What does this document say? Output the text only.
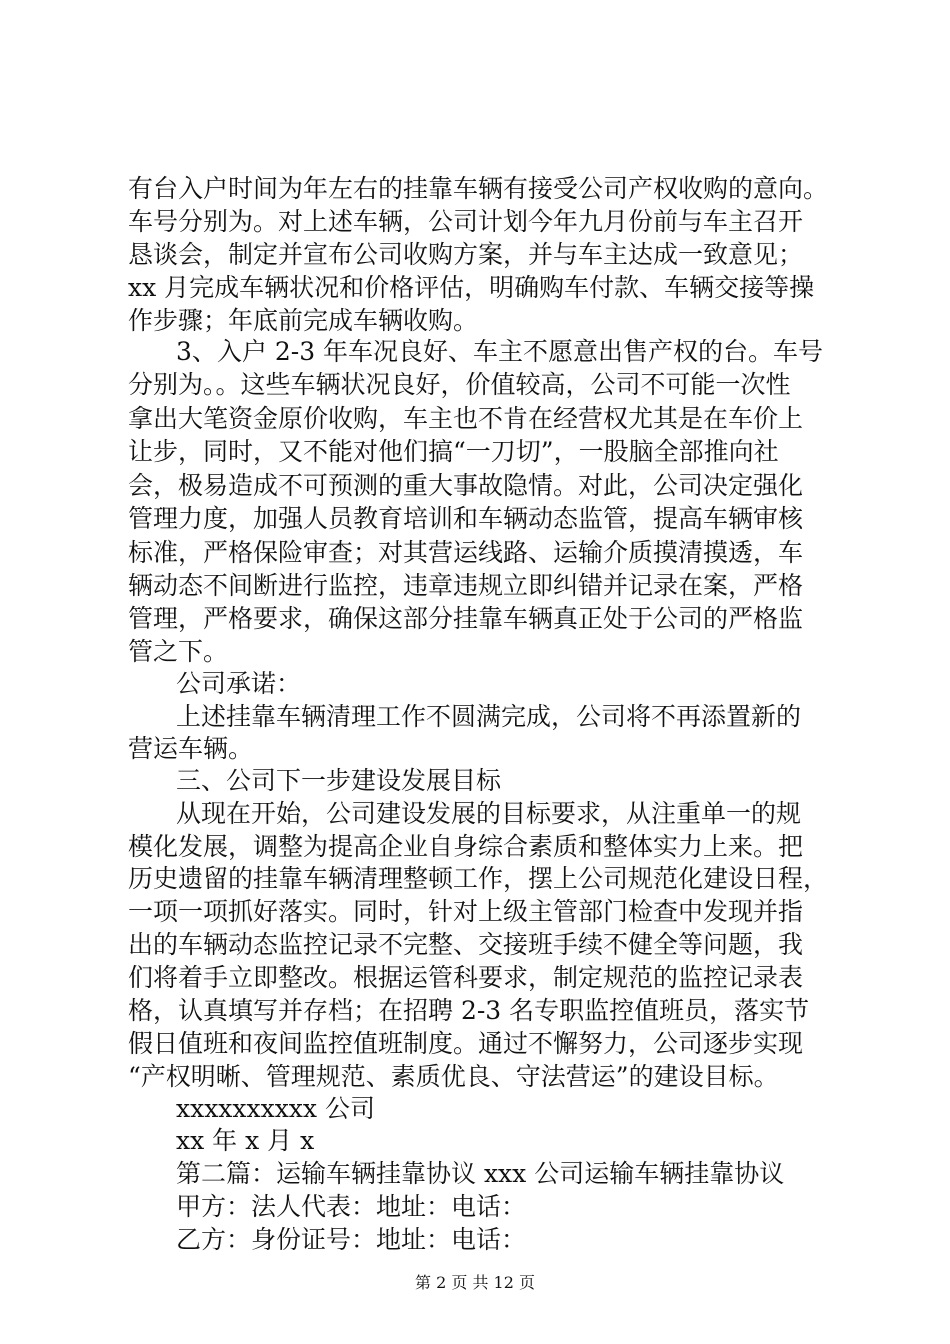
有台入户时间为年左右的挂靠车辆有接受公司产权收购的意向。
车号分别为。对上述车辆，公司计划今年九月份前与车主召开
恳谈会，制定并宣布公司收购方案，并与车主达成一致意见；
xx 月完成车辆状况和价格评估，明确购车付款、车辆交接等操
作步骤；年底前完成车辆收购。
3、入户 2-3 年车况良好、车主不愿意出售产权的台。车号
分别为。。这些车辆状况良好，价值较高，公司不可能一次性
拿出大笔资金原价收购，车主也不肯在经营权尤其是在车价上
让步，同时，又不能对他们搞“一刀切”，一股脑全部推向社
会，极易造成不可预测的重大事故隐情。对此，公司决定强化
管理力度，加强人员教育培训和车辆动态监管，提高车辆审核
标准，严格保险审查；对其营运线路、运输介质摸清摸透，车
辆动态不间断进行监控，违章违规立即纠错并记录在案，严格
管理，严格要求，确保这部分挂靠车辆真正处于公司的严格监
管之下。
公司承诺：
上述挂靠车辆清理工作不圆满完成，公司将不再添置新的
营运车辆。
三、公司下一步建设发展目标
从现在开始，公司建设发展的目标要求，从注重单一的规
模化发展，调整为提高企业自身综合素质和整体实力上来。把
历史遗留的挂靠车辆清理整顿工作，摆上公司规范化建设日程，
一项一项抓好落实。同时，针对上级主管部门检查中发现并指
出的车辆动态监控记录不完整、交接班手续不健全等问题，我
们将着手立即整改。根据运管科要求，制定规范的监控记录表
格，认真填写并存档；在招聘 2-3 名专职监控值班员，落实节
假日值班和夜间监控值班制度。通过不懈努力，公司逐步实现
“产权明晰、管理规范、素质优良、守法营运”的建设目标。
xxxxxxxxxx 公司
xx 年 x 月 x
第二篇：运输车辆挂靠协议 xxx 公司运输车辆挂靠协议
甲方：法人代表：地址：电话：
乙方：身份证号：地址：电话：
第 2 页 共 12 页
